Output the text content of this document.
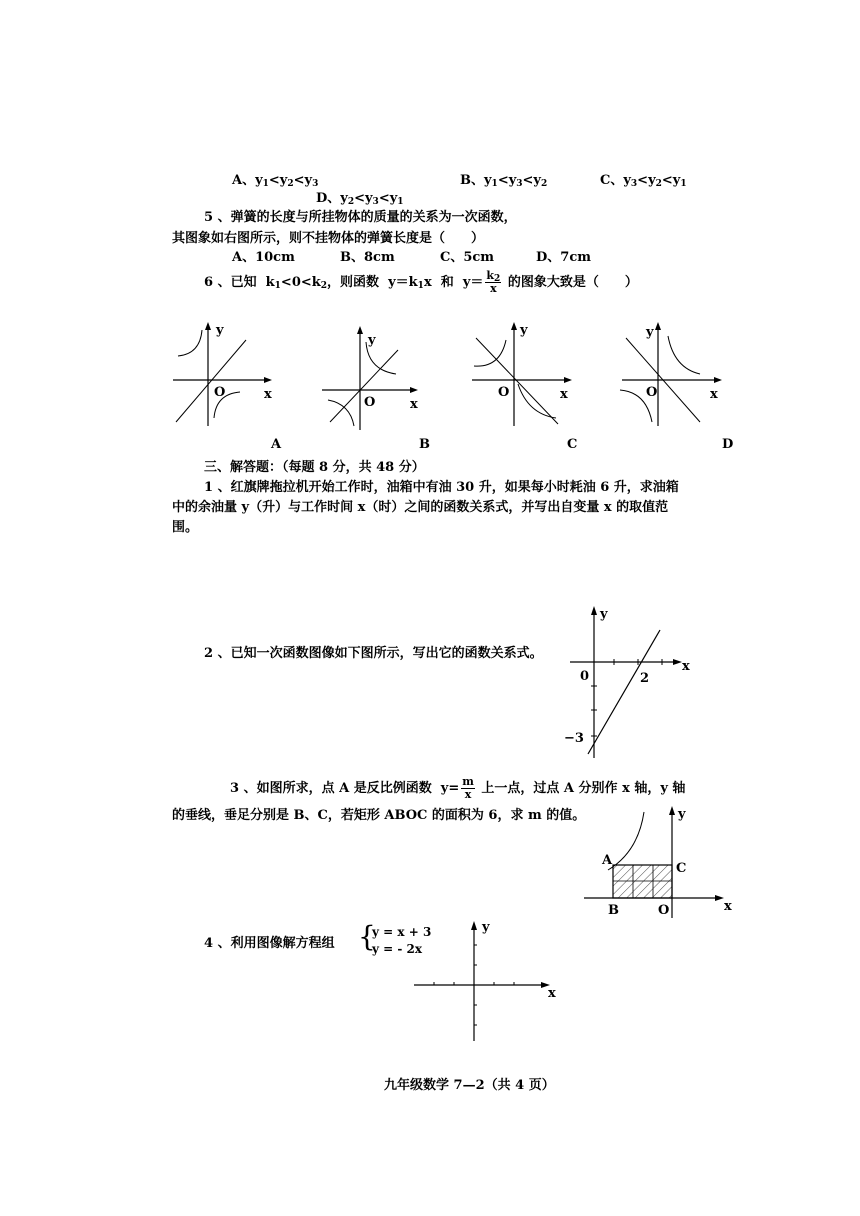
A、$y_1<y_2<y_3$	B、$y_1<y_3<y_2$	C、$y_3<y_2<y_1$
D、$y_2<y_3<y_1$
5 、弹簧的长度与所挂物体的质量的关系为一次函数，
其图象如右图所示，则不挂物体的弹簧长度是（　　）
A、10cm	B、8cm	C、5cm	D、7cm
6 、已知 $k_1<0<k_2$，则函数 $y=k_1x$ 和 $y= \frac{k_2}{x}$ 的图象大致是（　　）
y
x
O
y
x
O
y
x
O
y
x
O
A	B	C	D
三、解答题：（每题 8 分，共 48 分）
1 、红旗牌拖拉机开始工作时，油箱中有油 30 升，如果每小时耗油 6 升，求油箱
中的余油量 y（升）与工作时间 x（时）之间的函数关系式，并写出自变量 x 的取值范
围。
2 、已知一次函数图像如下图所示，写出它的函数关系式。
y
x
0	2
−3
3 、如图所求，点 A 是反比例函数 $y= \frac{m}{x}$ 上一点，过点 A 分别作 x 轴，y 轴
的垂线，垂足分别是 B、C，若矩形 ABOC 的面积为 6，求 m 的值。	y
x
A
C
B	O
4 、利用图像解方程组 {
y = x + 3
y = - 2x
y
x
九年级数学 7—2（共 4 页）
